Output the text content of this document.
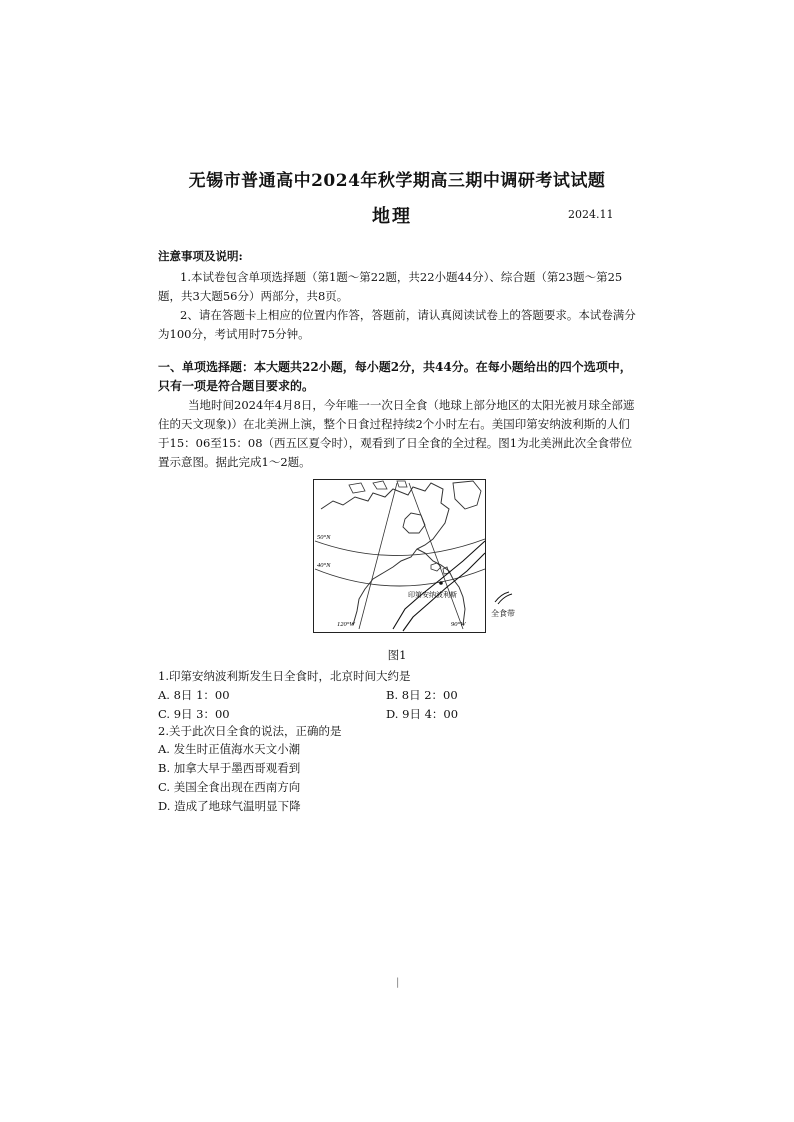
无锡市普通高中2024年秋学期高三期中调研考试试题
地理	2024.11
注意事项及说明:
1.本试卷包含单项选择题（第1题～第22题，共22小题44分）、综合题（第23题～第25题，共3大题56分）两部分，共8页。
2、请在答题卡上相应的位置内作答，答题前，请认真阅读试卷上的答题要求。本试卷满分为100分，考试用时75分钟。
一、单项选择题：本大题共22小题，每小题2分，共44分。在每小题给出的四个选项中，只有一项是符合题目要求的。
当地时间2024年4月8日，今年唯一一次日全食（地球上部分地区的太阳光被月球全部遮住的天文现象)）在北美洲上演，整个日食过程持续2个小时左右。美国印第安纳波利斯的人们于15：06至15：08（西五区夏令时），观看到了日全食的全过程。图1为北美洲此次全食带位置示意图。据此完成1～2题。
50°N
40°N
120°W	90°W
印第安纳波利斯
全食带
图1
1.印第安纳波利斯发生日全食时，北京时间大约是
A. 8日 1：00	B. 8日 2：00
C. 9日 3：00	D. 9日 4：00
2.关于此次日全食的说法，正确的是
A. 发生时正值海水天文小潮
B. 加拿大早于墨西哥观看到
C. 美国全食出现在西南方向
D. 造成了地球气温明显下降
|
